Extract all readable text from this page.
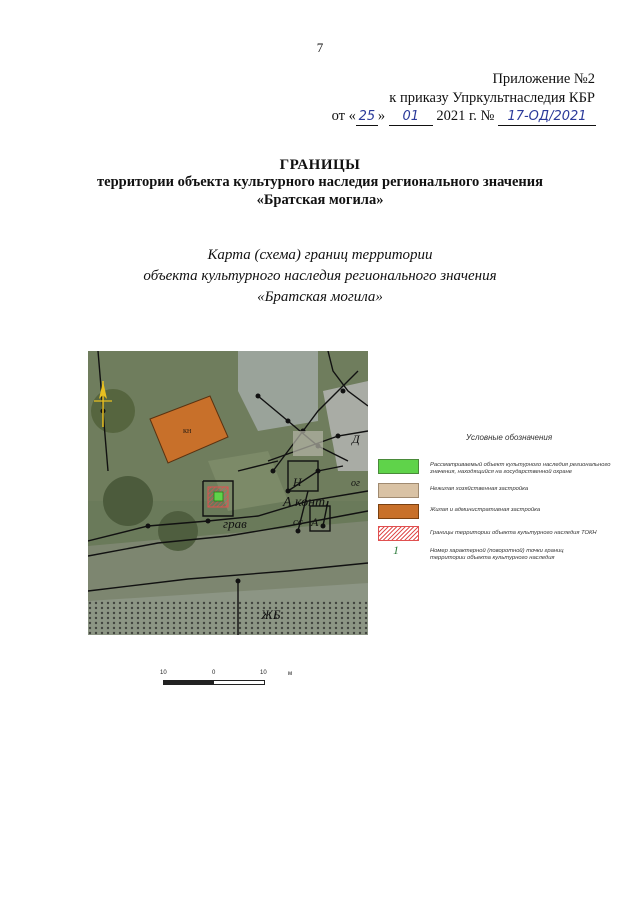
7
Приложение №2
к приказу Упркультнаследия КБР
от « 25 » 01 2021 г. № 17-ОД/2021
ГРАНИЦЫ
территории объекта культурного наследия регионального значения
«Братская могила»
Карта (схема) границ территории
объекта культурного наследия регионального значения
«Братская могила»
КН	Д
Н
А конт.
сс А
ог
грав
ЖБ
Условные обозначения
Рассматриваемый объект культурного наследия регионального значения, находящийся на государственной охране
Нежилая хозяйственная застройка
Жилая и административная застройка
Границы территории объекта культурного наследия ТОКН
1	Номер характерной (поворотной) точки границ территории объекта культурного наследия
10	0	10	м
